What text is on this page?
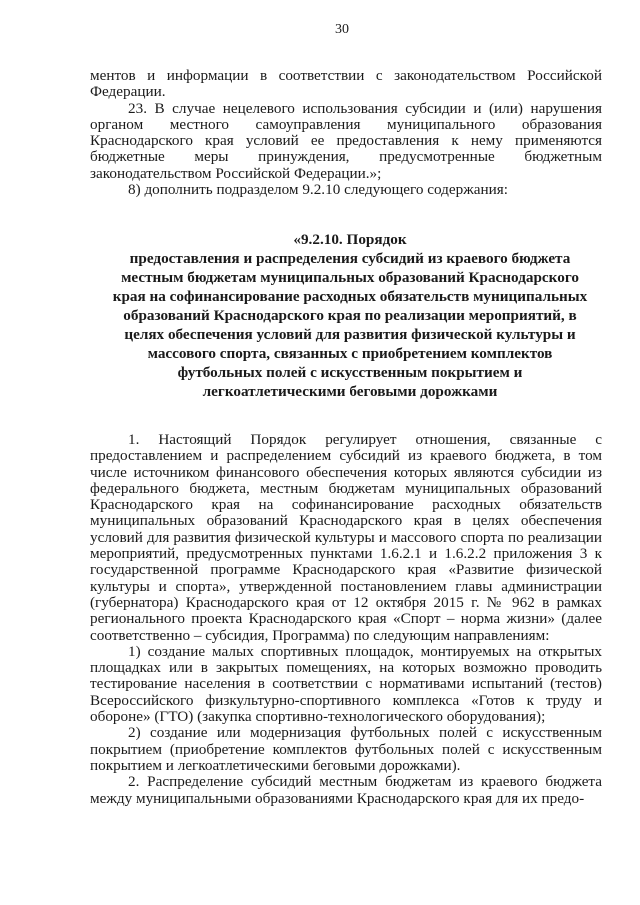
30

ментов и информации в соответствии с законодательством Российской Федерации.

23. В случае нецелевого использования субсидии и (или) нарушения органом местного самоуправления муниципального образования Краснодарского края условий ее предоставления к нему применяются бюджетные меры принуждения, предусмотренные бюджетным законодательством Российской Федерации.»;

8) дополнить подразделом 9.2.10 следующего содержания:

«9.2.10. Порядок
предоставления и распределения субсидий из краевого бюджета местным бюджетам муниципальных образований Краснодарского края на софинансирование расходных обязательств муниципальных образований Краснодарского края по реализации мероприятий, в целях обеспечения условий для развития физической культуры и массового спорта, связанных с приобретением комплектов футбольных полей с искусственным покрытием и легкоатлетическими беговыми дорожками

1. Настоящий Порядок регулирует отношения, связанные с предоставлением и распределением субсидий из краевого бюджета, в том числе источником финансового обеспечения которых являются субсидии из федерального бюджета, местным бюджетам муниципальных образований Краснодарского края на софинансирование расходных обязательств муниципальных образований Краснодарского края в целях обеспечения условий для развития физической культуры и массового спорта по реализации мероприятий, предусмотренных пунктами 1.6.2.1 и 1.6.2.2 приложения 3 к государственной программе Краснодарского края «Развитие физической культуры и спорта», утвержденной постановлением главы администрации (губернатора) Краснодарского края от 12 октября 2015 г. № 962 в рамках регионального проекта Краснодарского края «Спорт – норма жизни» (далее соответственно – субсидия, Программа) по следующим направлениям:

1) создание малых спортивных площадок, монтируемых на открытых площадках или в закрытых помещениях, на которых возможно проводить тестирование населения в соответствии с нормативами испытаний (тестов) Всероссийского физкультурно-спортивного комплекса «Готов к труду и обороне» (ГТО) (закупка спортивно-технологического оборудования);

2) создание или модернизация футбольных полей с искусственным покрытием (приобретение комплектов футбольных полей с искусственным покрытием и легкоатлетическими беговыми дорожками).

2. Распределение субсидий местным бюджетам из краевого бюджета между муниципальными образованиями Краснодарского края для их предо-
